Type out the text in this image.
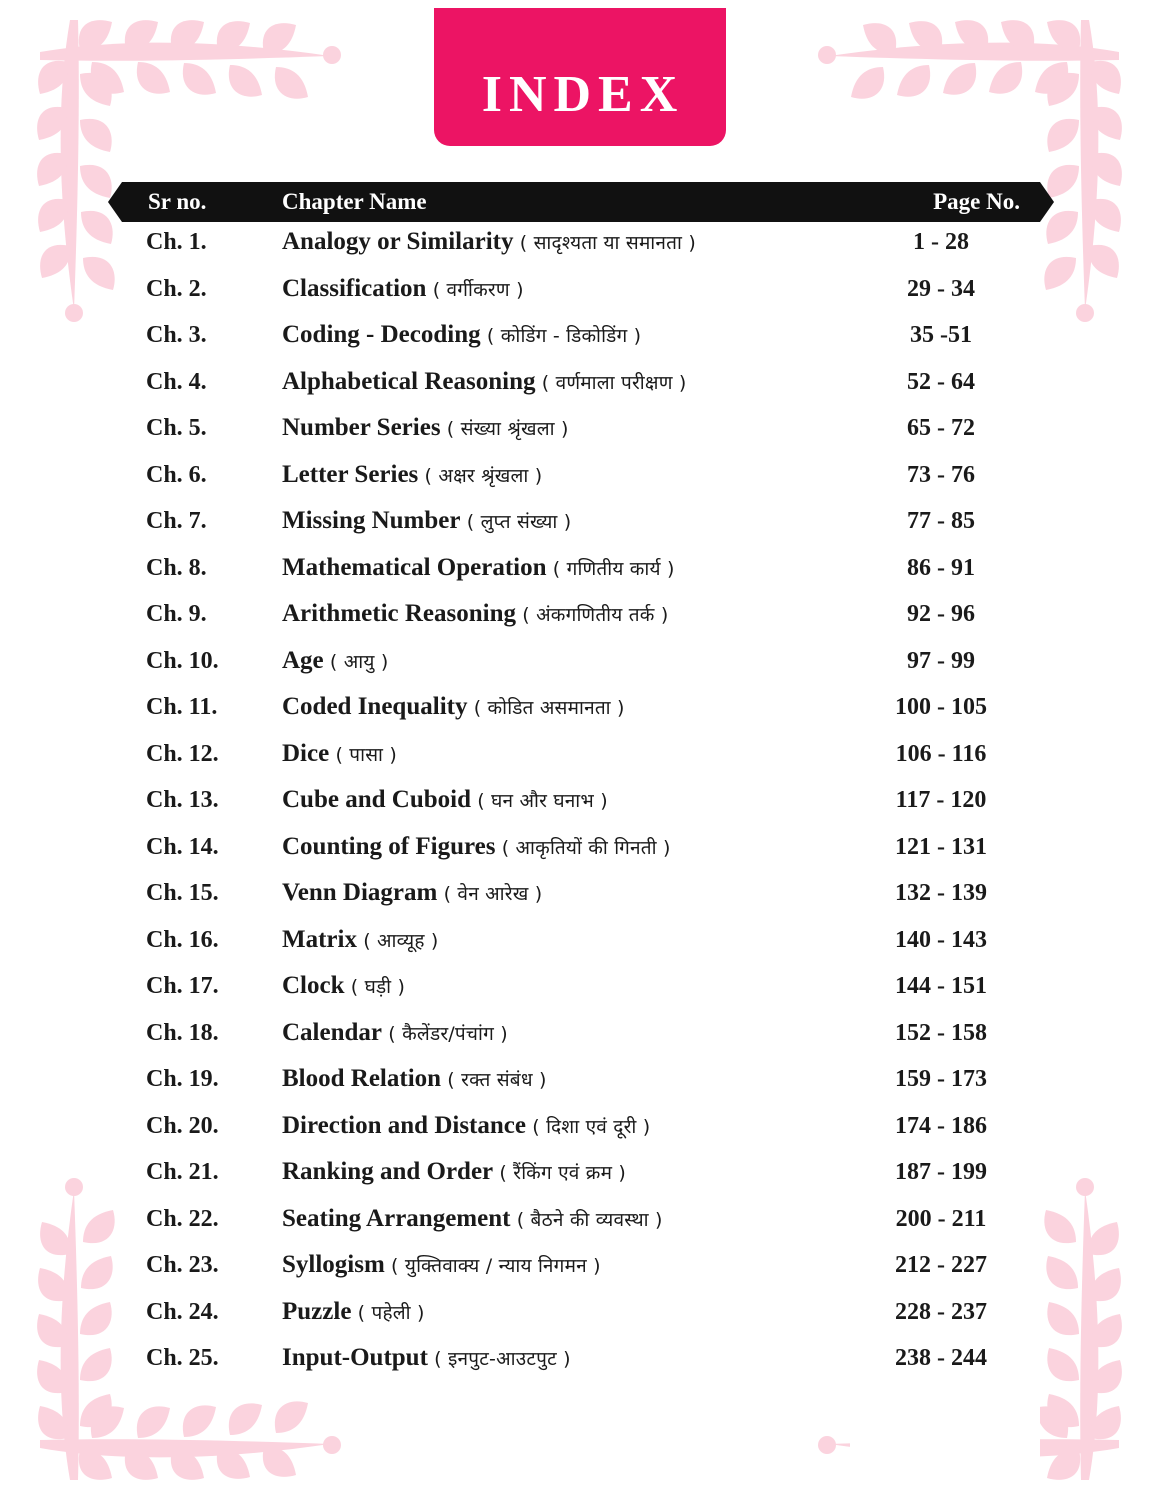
INDEX
Sr no.	Chapter Name	Page No.
Ch. 1.	Analogy or Similarity ( सादृश्यता या समानता )	1 - 28
Ch. 2.	Classification ( वर्गीकरण )	29 - 34
Ch. 3.	Coding - Decoding ( कोडिंग - डिकोडिंग )	35 -51
Ch. 4.	Alphabetical Reasoning ( वर्णमाला परीक्षण )	52 - 64
Ch. 5.	Number Series ( संख्या श्रृंखला )	65 - 72
Ch. 6.	Letter Series ( अक्षर श्रृंखला )	73 - 76
Ch. 7.	Missing Number ( लुप्त संख्या )	77 - 85
Ch. 8.	Mathematical Operation ( गणितीय कार्य )	86 - 91
Ch. 9.	Arithmetic Reasoning ( अंकगणितीय तर्क )	92 - 96
Ch. 10.	Age ( आयु )	97 - 99
Ch. 11.	Coded Inequality ( कोडित असमानता )	100 - 105
Ch. 12.	Dice ( पासा )	106 - 116
Ch. 13.	Cube and Cuboid ( घन और घनाभ )	117 - 120
Ch. 14.	Counting of Figures ( आकृतियों की गिनती )	121 - 131
Ch. 15.	Venn Diagram ( वेन आरेख )	132 - 139
Ch. 16.	Matrix ( आव्यूह )	140 - 143
Ch. 17.	Clock ( घड़ी )	144 - 151
Ch. 18.	Calendar ( कैलेंडर/पंचांग )	152 - 158
Ch. 19.	Blood Relation ( रक्त संबंध )	159 - 173
Ch. 20.	Direction and Distance ( दिशा एवं दूरी )	174 - 186
Ch. 21.	Ranking and Order ( रैंकिंग एवं क्रम )	187 - 199
Ch. 22.	Seating Arrangement ( बैठने की व्यवस्था )	200 - 211
Ch. 23.	Syllogism ( युक्तिवाक्य / न्याय निगमन )	212 - 227
Ch. 24.	Puzzle ( पहेली )	228 - 237
Ch. 25.	Input-Output ( इनपुट-आउटपुट )	238 - 244
